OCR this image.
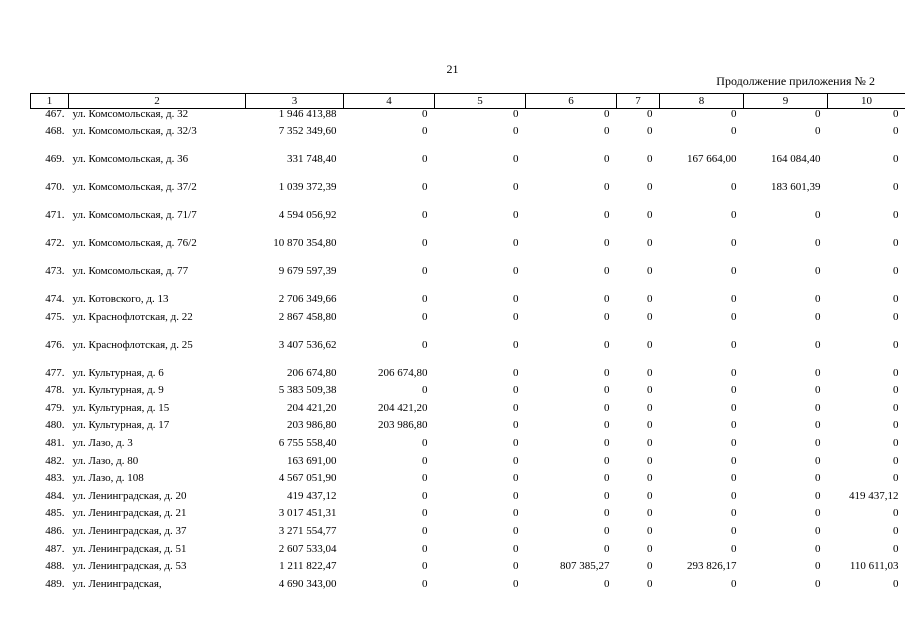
21
Продолжение приложения № 2
1	2	3	4	5	6	7	8	9	10
467.	ул. Комсомольская, д. 32	1 946 413,88	0	0	0	0	0	0	0
468.	ул. Комсомольская, д. 32/3	7 352 349,60	0	0	0	0	0	0	0
469.	ул. Комсомольская, д. 36	331 748,40	0	0	0	0	167 664,00	164 084,40	0
470.	ул. Комсомольская, д. 37/2	1 039 372,39	0	0	0	0	0	183 601,39	0
471.	ул. Комсомольская, д. 71/7	4 594 056,92	0	0	0	0	0	0	0
472.	ул. Комсомольская, д. 76/2	10 870 354,80	0	0	0	0	0	0	0
473.	ул. Комсомольская, д. 77	9 679 597,39	0	0	0	0	0	0	0
474.	ул. Котовского, д. 13	2 706 349,66	0	0	0	0	0	0	0
475.	ул. Краснофлотская, д. 22	2 867 458,80	0	0	0	0	0	0	0
476.	ул. Краснофлотская, д. 25	3 407 536,62	0	0	0	0	0	0	0
477.	ул. Культурная, д. 6	206 674,80	206 674,80	0	0	0	0	0	0
478.	ул. Культурная, д. 9	5 383 509,38	0	0	0	0	0	0	0
479.	ул. Культурная, д. 15	204 421,20	204 421,20	0	0	0	0	0	0
480.	ул. Культурная, д. 17	203 986,80	203 986,80	0	0	0	0	0	0
481.	ул. Лазо, д. 3	6 755 558,40	0	0	0	0	0	0	0
482.	ул. Лазо, д. 80	163 691,00	0	0	0	0	0	0	0
483.	ул. Лазо, д. 108	4 567 051,90	0	0	0	0	0	0	0
484.	ул. Ленинградская, д. 20	419 437,12	0	0	0	0	0	0	419 437,12
485.	ул. Ленинградская, д. 21	3 017 451,31	0	0	0	0	0	0	0
486.	ул. Ленинградская, д. 37	3 271 554,77	0	0	0	0	0	0	0
487.	ул. Ленинградская, д. 51	2 607 533,04	0	0	0	0	0	0	0
488.	ул. Ленинградская, д. 53	1 211 822,47	0	0	807 385,27	0	293 826,17	0	110 611,03
489.	ул. Ленинградская,	4 690 343,00	0	0	0	0	0	0	0
